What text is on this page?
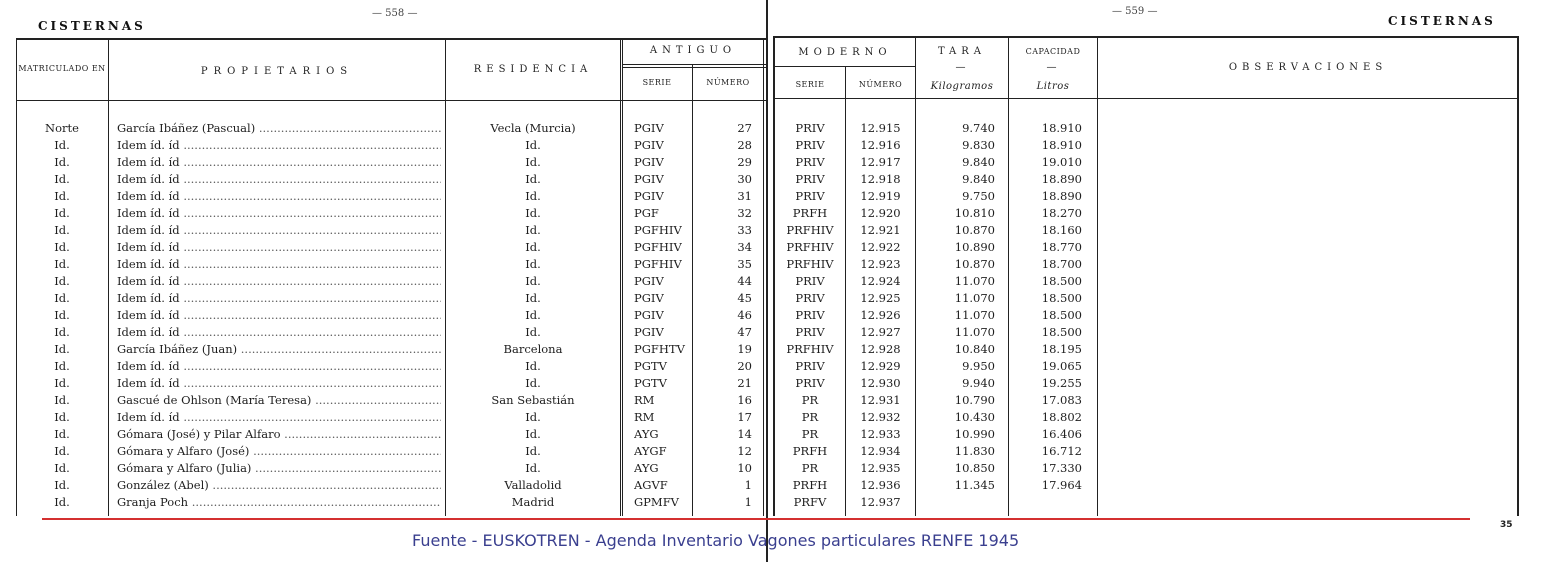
CISTERNAS
— 558 —	— 559 —
CISTERNAS
MATRICULADO EN	PROPIETARIOS	RESIDENCIA
ANTIGUO
SERIE	NÚMERO
MODERNO
SERIE	NÚMERO
TARA
—
Kilogramos
CAPACIDAD
—
Litros
OBSERVACIONES
Norte	García Ibáñez (Pascual) .....	Vecla (Murcia)	PGIV	27	PRIV	12.915	9.740	18.910
Id.	Idem íd. íd .....	Id.	PGIV	28	PRIV	12.916	9.830	18.910
Id.	Idem íd. íd .....	Id.	PGIV	29	PRIV	12.917	9.840	19.010
Id.	Idem íd. íd .....	Id.	PGIV	30	PRIV	12.918	9.840	18.890
Id.	Idem íd. íd .....	Id.	PGIV	31	PRIV	12.919	9.750	18.890
Id.	Idem íd. íd .....	Id.	PGF	32	PRFH	12.920	10.810	18.270
Id.	Idem íd. íd .....	Id.	PGFHIV	33	PRFHIV	12.921	10.870	18.160
Id.	Idem íd. íd .....	Id.	PGFHIV	34	PRFHIV	12.922	10.890	18.770
Id.	Idem íd. íd .....	Id.	PGFHIV	35	PRFHIV	12.923	10.870	18.700
Id.	Idem íd. íd .....	Id.	PGIV	44	PRIV	12.924	11.070	18.500
Id.	Idem íd. íd .....	Id.	PGIV	45	PRIV	12.925	11.070	18.500
Id.	Idem íd. íd .....	Id.	PGIV	46	PRIV	12.926	11.070	18.500
Id.	Idem íd. íd .....	Id.	PGIV	47	PRIV	12.927	11.070	18.500
Id.	García Ibáñez (Juan) .....	Barcelona	PGFHTV	19	PRFHIV	12.928	10.840	18.195
Id.	Idem íd. íd .....	Id.	PGTV	20	PRIV	12.929	9.950	19.065
Id.	Idem íd. íd .....	Id.	PGTV	21	PRIV	12.930	9.940	19.255
Id.	Gascué de Ohlson (María Teresa) .....	San Sebastián	RM	16	PR	12.931	10.790	17.083
Id.	Idem íd. íd .....	Id.	RM	17	PR	12.932	10.430	18.802
Id.	Gómara (José) y Pilar Alfaro .....	Id.	AYG	14	PR	12.933	10.990	16.406
Id.	Gómara y Alfaro (José) .....	Id.	AYGF	12	PRFH	12.934	11.830	16.712
Id.	Gómara y Alfaro (Julia) .....	Id.	AYG	10	PR	12.935	10.850	17.330
Id.	González (Abel) .....	Valladolid	AGVF	1	PRFH	12.936	11.345	17.964
Id.	Granja Poch .....	Madrid	GPMFV	1	PRFV	12.937
35
Fuente - EUSKOTREN - Agenda Inventario Vagones particulares RENFE 1945
